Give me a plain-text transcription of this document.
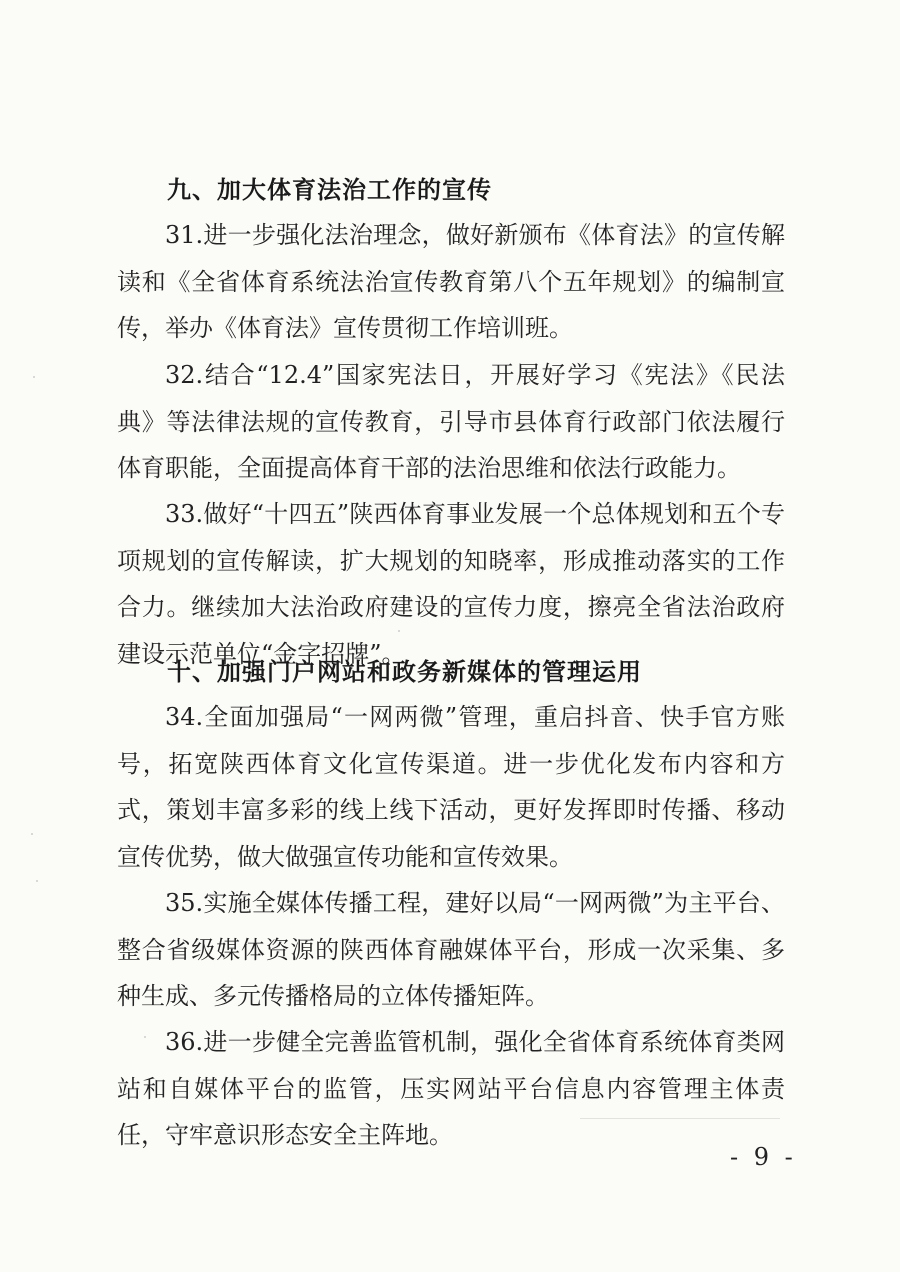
九、加大体育法治工作的宣传
31.进一步强化法治理念，做好新颁布《体育法》的宣传解读和《全省体育系统法治宣传教育第八个五年规划》的编制宣传，举办《体育法》宣传贯彻工作培训班。
32.结合“12.4”国家宪法日，开展好学习《宪法》《民法典》等法律法规的宣传教育，引导市县体育行政部门依法履行体育职能，全面提高体育干部的法治思维和依法行政能力。
33.做好“十四五”陕西体育事业发展一个总体规划和五个专项规划的宣传解读，扩大规划的知晓率，形成推动落实的工作合力。继续加大法治政府建设的宣传力度，擦亮全省法治政府建设示范单位“金字招牌”。
十、加强门户网站和政务新媒体的管理运用
34.全面加强局“一网两微”管理，重启抖音、快手官方账号，拓宽陕西体育文化宣传渠道。进一步优化发布内容和方式，策划丰富多彩的线上线下活动，更好发挥即时传播、移动宣传优势，做大做强宣传功能和宣传效果。
35.实施全媒体传播工程，建好以局“一网两微”为主平台、整合省级媒体资源的陕西体育融媒体平台，形成一次采集、多种生成、多元传播格局的立体传播矩阵。
36.进一步健全完善监管机制，强化全省体育系统体育类网站和自媒体平台的监管，压实网站平台信息内容管理主体责任，守牢意识形态安全主阵地。
- 9 -
